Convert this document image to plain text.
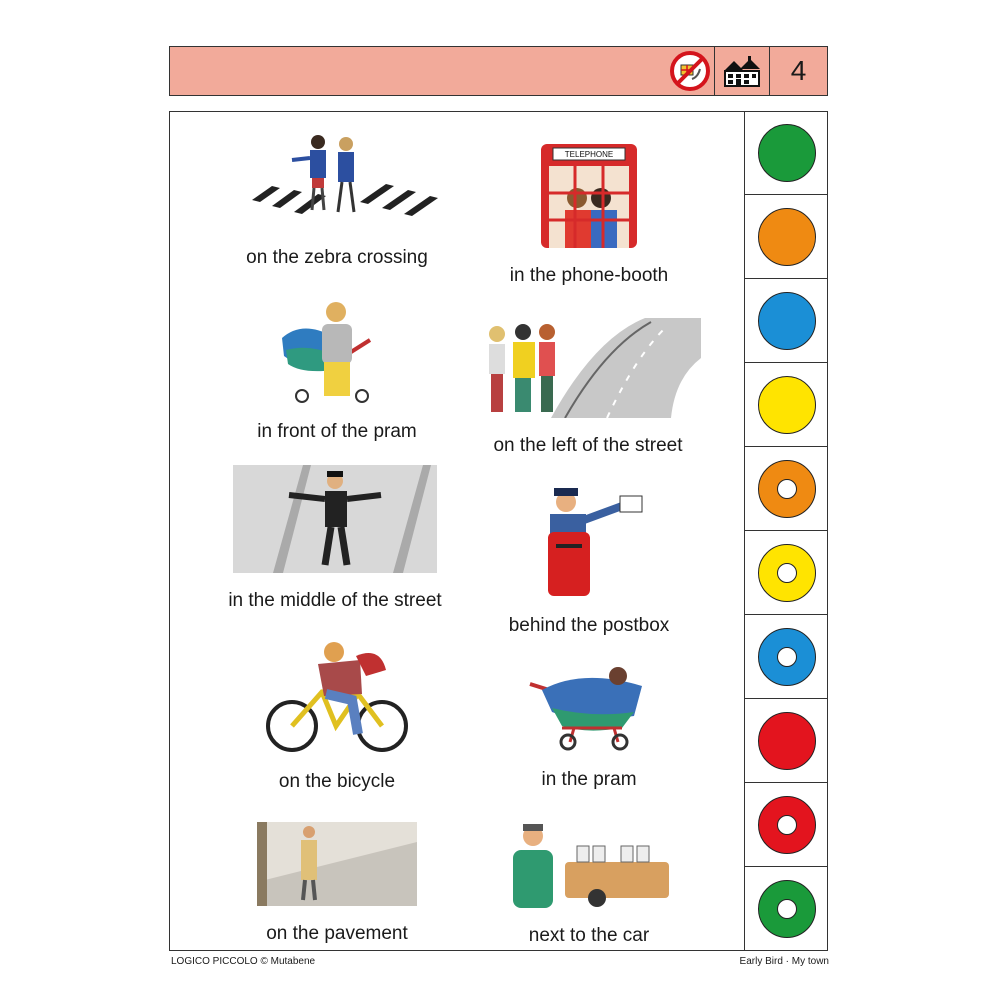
4
on the zebra crossing
in front of the pram
in the middle of the street
on the bicycle
on the pavement
TELEPHONE
in the phone-booth
on the left of the street
behind the postbox
in the pram
next to the car
LOGICO PICCOLO © Mutabene	Early Bird · My town
